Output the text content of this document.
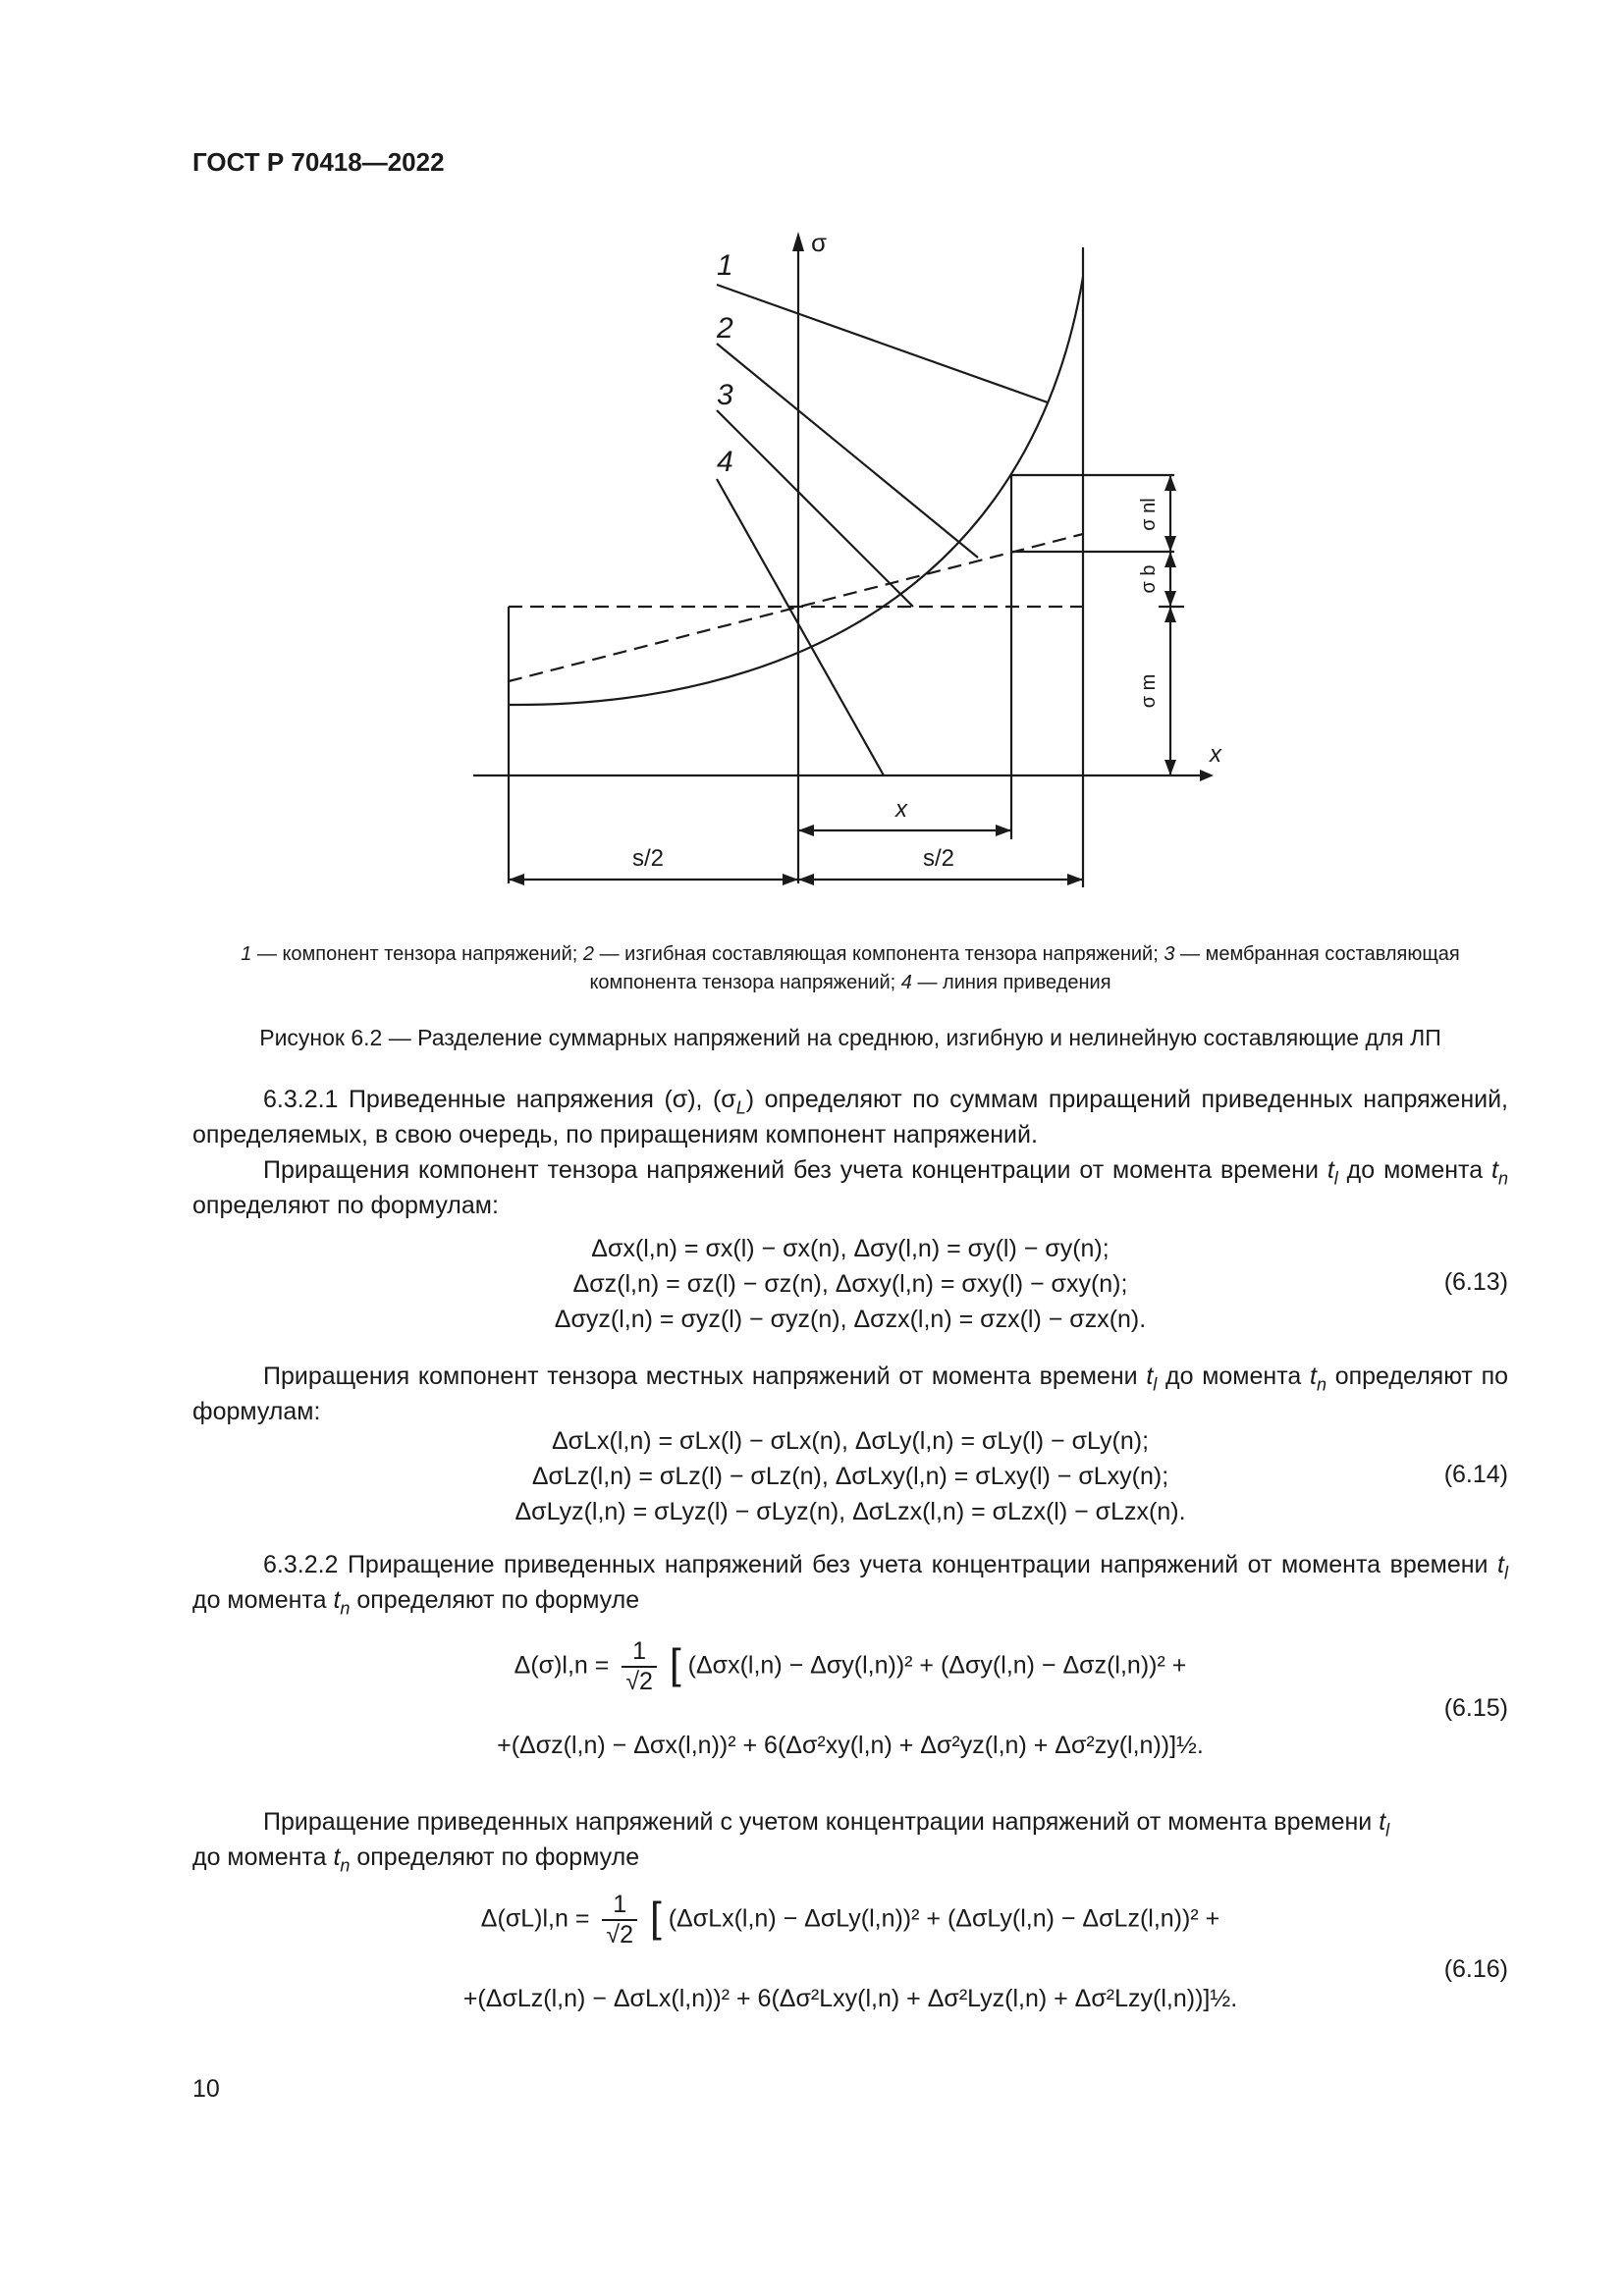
ГОСТ Р 70418—2022
1
2
3
4
σ
x
x
s/2	s/2
σ nl
σ b
σ m
1 — компонент тензора напряжений; 2 — изгибная составляющая компонента тензора напряжений; 3 — мембранная составляющая компонента тензора напряжений; 4 — линия приведения
Рисунок 6.2 — Разделение суммарных напряжений на среднюю, изгибную и нелинейную составляющие для ЛП
6.3.2.1 Приведенные напряжения (σ), $(\sigma_L)$ определяют по суммам приращений приведенных напряжений, определяемых, в свою очередь, по приращениям компонент напряжений.
Приращения компонент тензора напряжений без учета концентрации от момента времени $t_l$ до момента $t_n$ определяют по формулам:
Δσx(l,n) = σx(l) − σx(n), Δσy(l,n) = σy(l) − σy(n);
Δσz(l,n) = σz(l) − σz(n), Δσxy(l,n) = σxy(l) − σxy(n);
Δσyz(l,n) = σyz(l) − σyz(n), Δσzx(l,n) = σzx(l) − σzx(n).
(6.13)
Приращения компонент тензора местных напряжений от момента времени $t_l$ до момента $t_n$ определяют по формулам:
ΔσLx(l,n) = σLx(l) − σLx(n), ΔσLy(l,n) = σLy(l) − σLy(n);
ΔσLz(l,n) = σLz(l) − σLz(n), ΔσLxy(l,n) = σLxy(l) − σLxy(n);
ΔσLyz(l,n) = σLyz(l) − σLyz(n), ΔσLzx(l,n) = σLzx(l) − σLzx(n).
(6.14)
6.3.2.2 Приращение приведенных напряжений без учета концентрации напряжений от момента времени $t_l$ до момента $t_n$ определяют по формуле
$\Delta(\sigma)l,n = \frac{1}{√2}$ [ (Δσx(l,n) − Δσy(l,n))² + (Δσy(l,n) − Δσz(l,n))² +
+(Δσz(l,n) − Δσx(l,n))² + 6(Δσ²xy(l,n) + Δσ²yz(l,n) + Δσ²zy(l,n))]½.
(6.15)
Приращение приведенных напряжений с учетом концентрации напряжений от момента времени $t_l$
до момента $t_n$ определяют по формуле
$\Delta(\sigma L)l,n = \frac{1}{√2}$ [ (ΔσLx(l,n) − ΔσLy(l,n))² + (ΔσLy(l,n) − ΔσLz(l,n))² +
+(ΔσLz(l,n) − ΔσLx(l,n))² + 6(Δσ²Lxy(l,n) + Δσ²Lyz(l,n) + Δσ²Lzy(l,n))]½.
(6.16)
10
